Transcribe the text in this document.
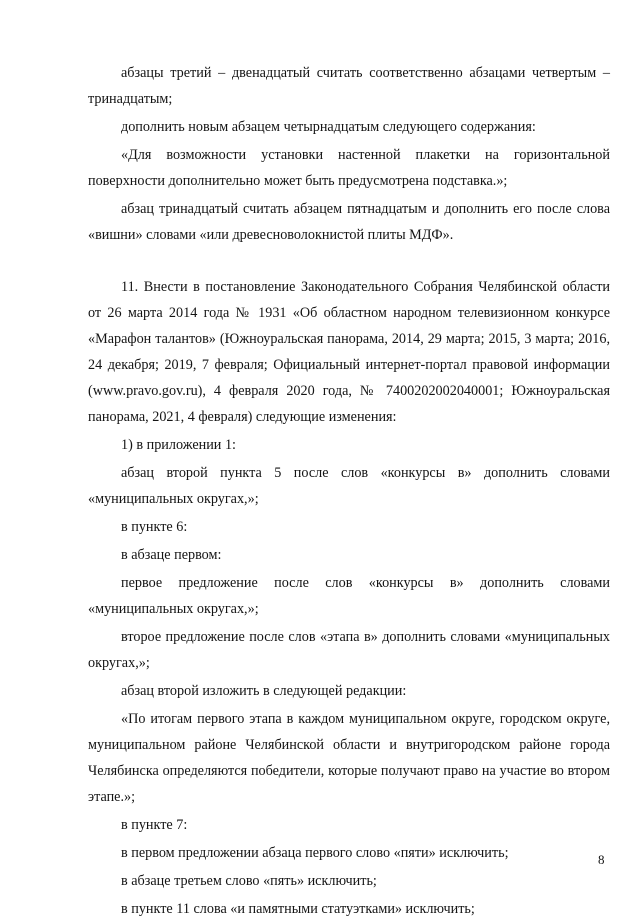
абзацы третий – двенадцатый считать соответственно абзацами четвертым – тринадцатым;

дополнить новым абзацем четырнадцатым следующего содержания:

«Для возможности установки настенной плакетки на горизонтальной поверхности дополнительно может быть предусмотрена подставка.»;

абзац тринадцатый считать абзацем пятнадцатым и дополнить его после слова «вишни» словами «или древесноволокнистой плиты МДФ».

11. Внести в постановление Законодательного Собрания Челябинской области от 26 марта 2014 года № 1931 «Об областном народном телевизионном конкурсе «Марафон талантов» (Южноуральская панорама, 2014, 29 марта; 2015, 3 марта; 2016, 24 декабря; 2019, 7 февраля; Официальный интернет-портал правовой информации (www.pravo.gov.ru), 4 февраля 2020 года, № 7400202002040001; Южноуральская панорама, 2021, 4 февраля) следующие изменения:

1) в приложении 1:

абзац второй пункта 5 после слов «конкурсы в» дополнить словами «муниципальных округах,»;

в пункте 6:

в абзаце первом:

первое предложение после слов «конкурсы в» дополнить словами «муниципальных округах,»;

второе предложение после слов «этапа в» дополнить словами «муниципальных округах,»;

абзац второй изложить в следующей редакции:

«По итогам первого этапа в каждом муниципальном округе, городском округе, муниципальном районе Челябинской области и внутригородском районе города Челябинска определяются победители, которые получают право на участие во втором этапе.»;

в пункте 7:

в первом предложении абзаца первого слово «пяти» исключить;

в абзаце третьем слово «пять» исключить;

в пункте 11 слова «и памятными статуэтками» исключить;

8
